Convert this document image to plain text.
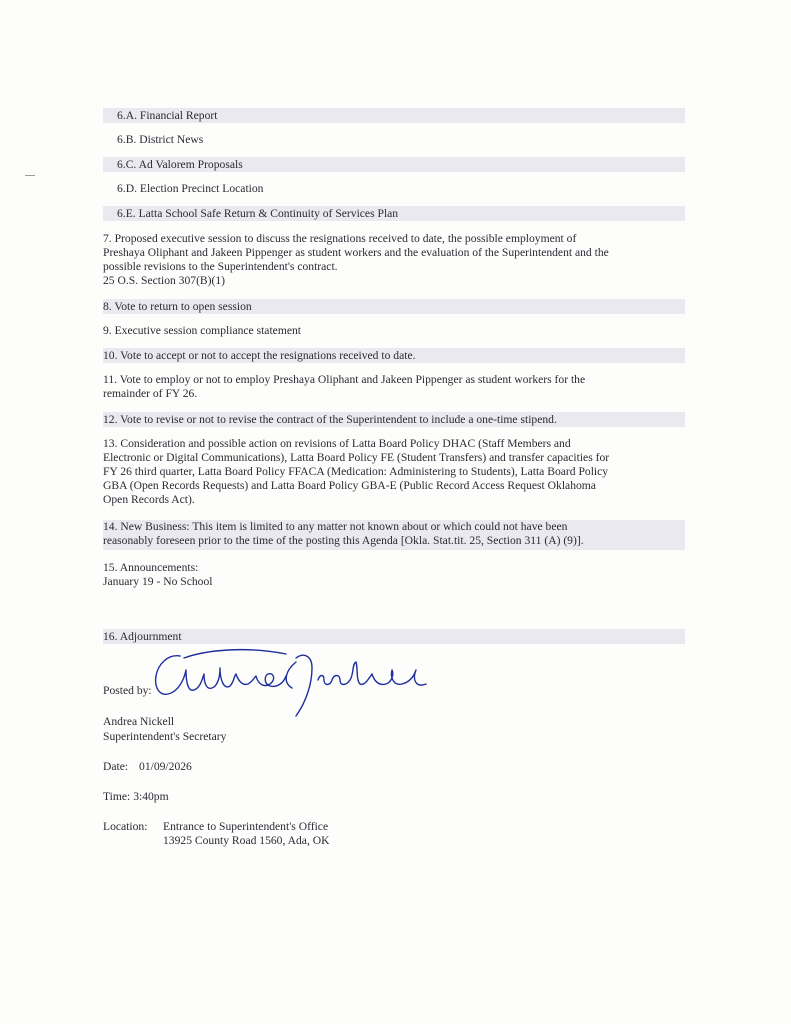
6.A. Financial Report
6.B. District News
6.C. Ad Valorem Proposals
6.D. Election Precinct Location
6.E. Latta School Safe Return & Continuity of Services Plan
7. Proposed executive session to discuss the resignations received to date, the possible employment of
Preshaya Oliphant and Jakeen Pippenger as student workers and the evaluation of the Superintendent and the
possible revisions to the Superintendent's contract.
25 O.S. Section 307(B)(1)
8. Vote to return to open session
9. Executive session compliance statement
10. Vote to accept or not to accept the resignations received to date.
11. Vote to employ or not to employ Preshaya Oliphant and Jakeen Pippenger as student workers for the
remainder of FY 26.
12. Vote to revise or not to revise the contract of the Superintendent to include a one-time stipend.
13. Consideration and possible action on revisions of Latta Board Policy DHAC (Staff Members and
Electronic or Digital Communications), Latta Board Policy FE (Student Transfers) and transfer capacities for
FY 26 third quarter, Latta Board Policy FFACA (Medication: Administering to Students), Latta Board Policy
GBA (Open Records Requests) and Latta Board Policy GBA-E (Public Record Access Request Oklahoma
Open Records Act).
14. New Business: This item is limited to any matter not known about or which could not have been
reasonably foreseen prior to the time of the posting this Agenda [Okla. Stat.tit. 25, Section 311 (A) (9)].
15. Announcements:
January 19 - No School
16. Adjournment
Posted by:
Andrea Nickell
Superintendent's Secretary
Date: 01/09/2026
Time: 3:40pm
Location: Entrance to Superintendent's Office
13925 County Road 1560, Ada, OK
